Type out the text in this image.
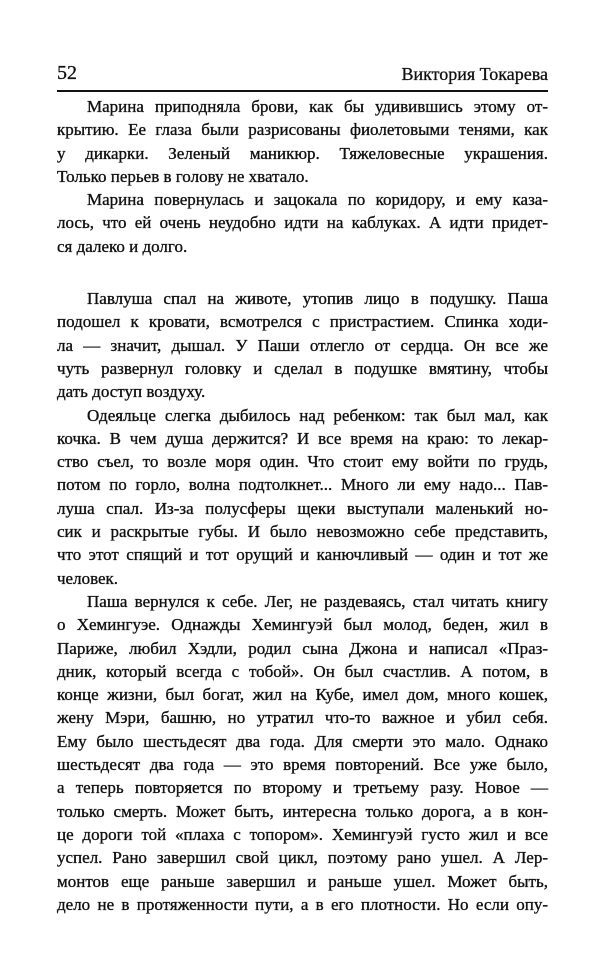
52	Виктория Токарева
Марина приподняла брови, как бы удивившись этому от-
крытию. Ее глаза были разрисованы фиолетовыми тенями, как
у дикарки. Зеленый маникюр. Тяжеловесные украшения.
Только перьев в голову не хватало.
Марина повернулась и зацокала по коридору, и ему каза-
лось, что ей очень неудобно идти на каблуках. А идти придет-
ся далеко и долго.
Павлуша спал на животе, утопив лицо в подушку. Паша
подошел к кровати, всмотрелся с пристрастием. Спинка ходи-
ла — значит, дышал. У Паши отлегло от сердца. Он все же
чуть развернул головку и сделал в подушке вмятину, чтобы
дать доступ воздуху.
Одеяльце слегка дыбилось над ребенком: так был мал, как
кочка. В чем душа держится? И все время на краю: то лекар-
ство съел, то возле моря один. Что стоит ему войти по грудь,
потом по горло, волна подтолкнет... Много ли ему надо... Пав-
луша спал. Из-за полусферы щеки выступали маленький но-
сик и раскрытые губы. И было невозможно себе представить,
что этот спящий и тот орущий и канючливый — один и тот же
человек.
Паша вернулся к себе. Лег, не раздеваясь, стал читать книгу
о Хемингуэе. Однажды Хемингуэй был молод, беден, жил в
Париже, любил Хэдли, родил сына Джона и написал «Праз-
дник, который всегда с тобой». Он был счастлив. А потом, в
конце жизни, был богат, жил на Кубе, имел дом, много кошек,
жену Мэри, башню, но утратил что-то важное и убил себя.
Ему было шестьдесят два года. Для смерти это мало. Однако
шестьдесят два года — это время повторений. Все уже было,
а теперь повторяется по второму и третьему разу. Новое —
только смерть. Может быть, интересна только дорога, а в кон-
це дороги той «плаха с топором». Хемингуэй густо жил и все
успел. Рано завершил свой цикл, поэтому рано ушел. А Лер-
монтов еще раньше завершил и раньше ушел. Может быть,
дело не в протяженности пути, а в его плотности. Но если опу-
